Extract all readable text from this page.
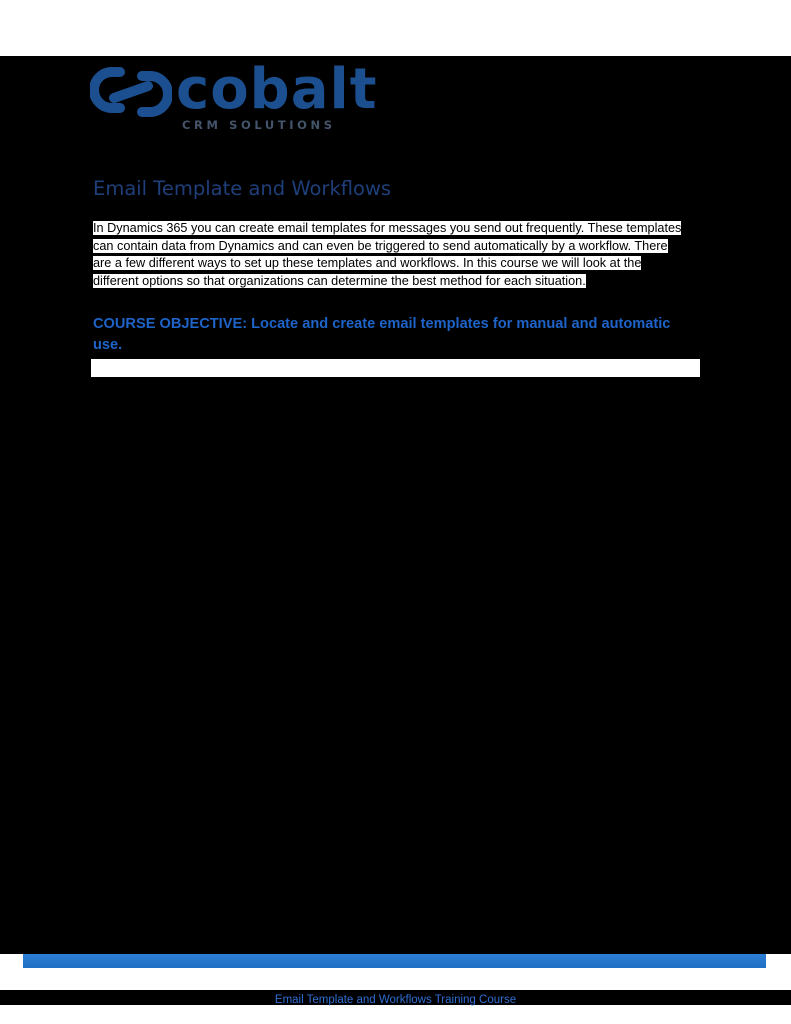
cobalt
CRM SOLUTIONS
Email Template and Workflows
In Dynamics 365 you can create email templates for messages you send out frequently. These templates
can contain data from Dynamics and can even be triggered to send automatically by a workflow. There
are a few different ways to set up these templates and workflows. In this course we will look at the
different options so that organizations can determine the best method for each situation.
COURSE OBJECTIVE: Locate and create email templates for manual and automatic
use.
Email Template and Workflows Training Course
